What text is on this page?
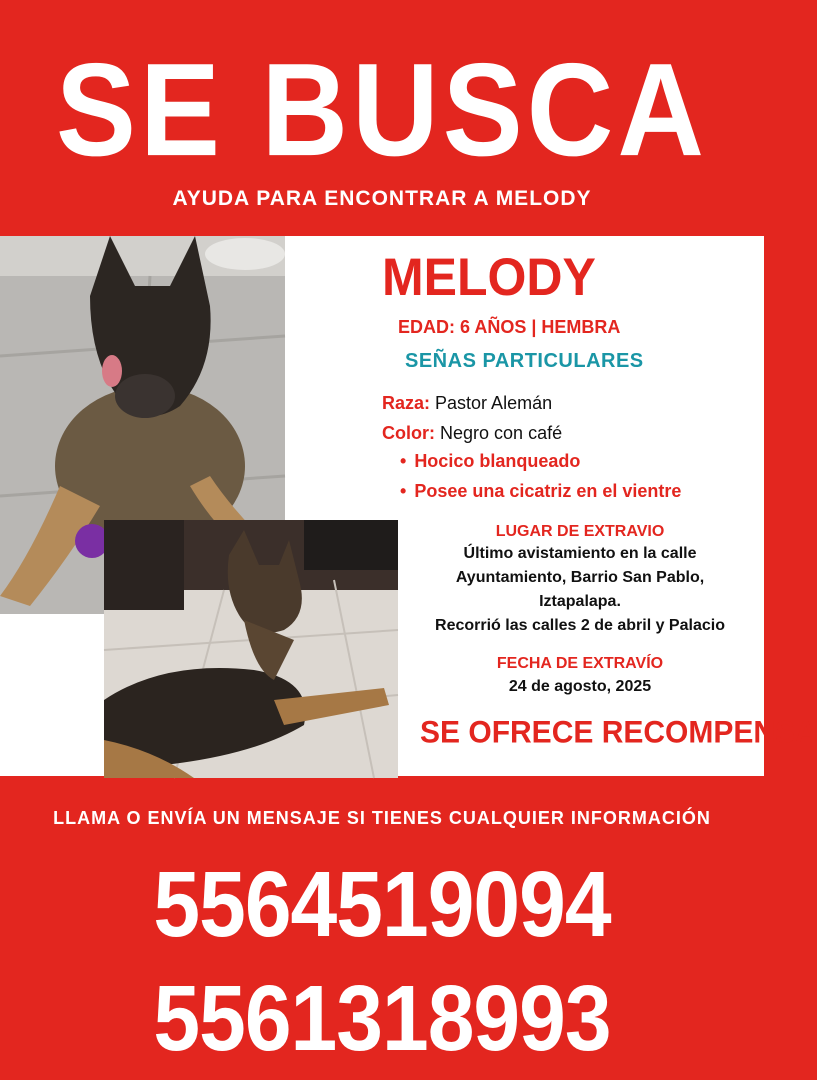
SE BUSCA
AYUDA PARA ENCONTRAR A MELODY
MELODY
EDAD: 6 AÑOS | HEMBRA
SEÑAS PARTICULARES
Raza: Pastor Alemán
Color: Negro con café
• Hocico blanqueado
• Posee una cicatriz en el vientre
LUGAR DE EXTRAVIO
Último avistamiento en la calle
Ayuntamiento, Barrio San Pablo,
Iztapalapa.
Recorrió las calles 2 de abril y Palacio
FECHA DE EXTRAVÍO
24 de agosto, 2025
SE OFRECE RECOMPENSA
LLAMA O ENVÍA UN MENSAJE SI TIENES CUALQUIER INFORMACIÓN
5564519094
5561318993
